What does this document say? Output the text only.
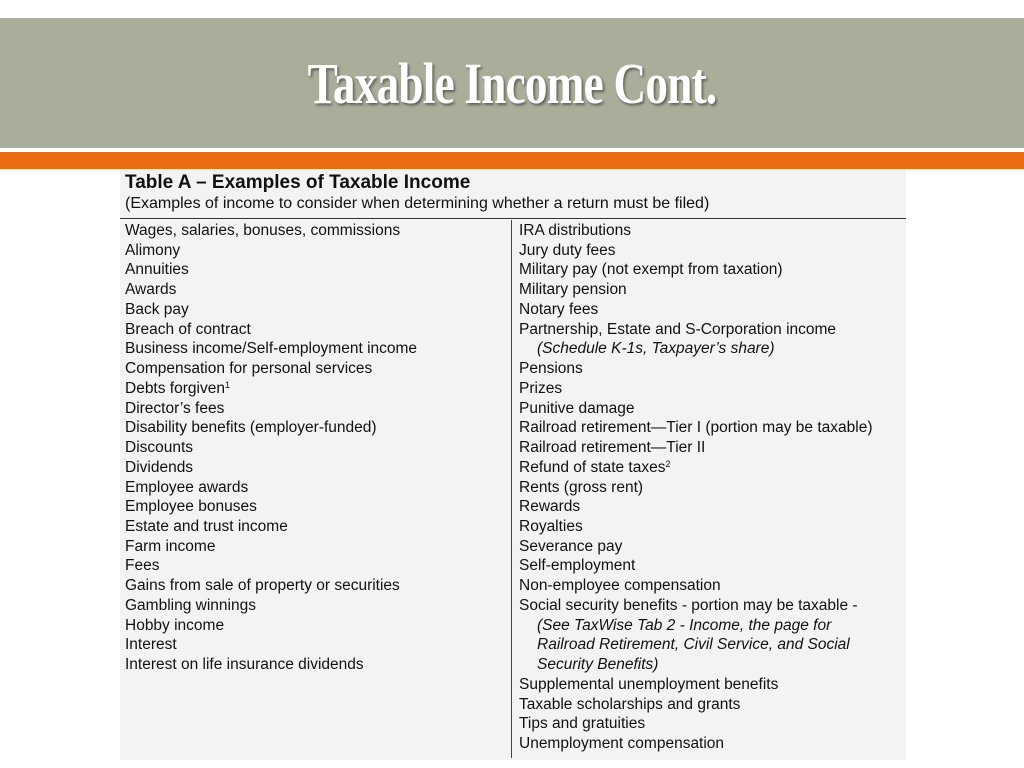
Taxable Income Cont.
Table A – Examples of Taxable Income
(Examples of income to consider when determining whether a return must be filed)
Wages, salaries, bonuses, commissions
Alimony
Annuities
Awards
Back pay
Breach of contract
Business income/Self-employment income
Compensation for personal services
Debts forgiven$^1$
Director’s fees
Disability benefits (employer-funded)
Discounts
Dividends
Employee awards
Employee bonuses
Estate and trust income
Farm income
Fees
Gains from sale of property or securities
Gambling winnings
Hobby income
Interest
Interest on life insurance dividends
IRA distributions
Jury duty fees
Military pay (not exempt from taxation)
Military pension
Notary fees
Partnership, Estate and S-Corporation income
(Schedule K-1s, Taxpayer’s share)
Pensions
Prizes
Punitive damage
Railroad retirement—Tier I (portion may be taxable)
Railroad retirement—Tier II
Refund of state taxes$^2$
Rents (gross rent)
Rewards
Royalties
Severance pay
Self-employment
Non-employee compensation
Social security benefits - portion may be taxable -
(See TaxWise Tab 2 - Income, the page for
Railroad Retirement, Civil Service, and Social
Security Benefits)
Supplemental unemployment benefits
Taxable scholarships and grants
Tips and gratuities
Unemployment compensation
